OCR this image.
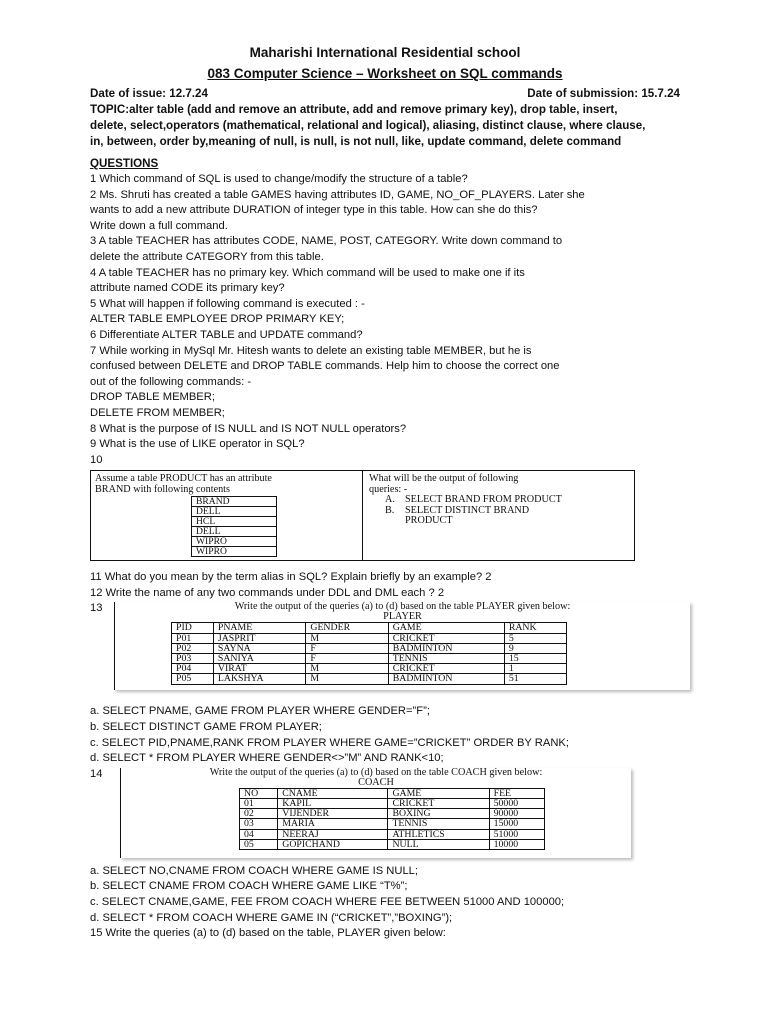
Maharishi International Residential school
083 Computer Science – Worksheet on SQL commands
Date of issue: 12.7.24	Date of submission: 15.7.24
TOPIC:alter table (add and remove an attribute, add and remove primary key), drop table, insert,
delete, select,operators (mathematical, relational and logical), aliasing, distinct clause, where clause,
in, between, order by,meaning of null, is null, is not null, like, update command, delete command
QUESTIONS
1 Which command of SQL is used to change/modify the structure of a table?
2 Ms. Shruti has created a table GAMES having attributes ID, GAME, NO_OF_PLAYERS. Later she
wants to add a new attribute DURATION of integer type in this table. How can she do this?
Write down a full command.
3 A table TEACHER has attributes CODE, NAME, POST, CATEGORY. Write down command to
delete the attribute CATEGORY from this table.
4 A table TEACHER has no primary key. Which command will be used to make one if its
attribute named CODE its primary key?
5 What will happen if following command is executed : -
ALTER TABLE EMPLOYEE DROP PRIMARY KEY;
6 Differentiate ALTER TABLE and UPDATE command?
7 While working in MySql Mr. Hitesh wants to delete an existing table MEMBER, but he is
confused between DELETE and DROP TABLE commands. Help him to choose the correct one
out of the following commands: -
DROP TABLE MEMBER;
DELETE FROM MEMBER;
8 What is the purpose of IS NULL and IS NOT NULL operators?
9 What is the use of LIKE operator in SQL?
10
Assume a table PRODUCT has an attribute
BRAND with following contents
BRAND
DELL
HCL
DELL
WIPRO
WIPRO
What will be the output of following
queries: -
A. SELECT BRAND FROM PRODUCT
B.	SELECT DISTINCT BRAND
PRODUCT
11 What do you mean by the term alias in SQL? Explain briefly by an example? 2
12 Write the name of any two commands under DDL and DML each ? 2
13	Write the output of the queries (a) to (d) based on the table PLAYER given below:
PLAYER
PID	PNAME	GENDER	GAME	RANK
P01	JASPRIT	M	CRICKET	5
P02	SAYNA	F	BADMINTON	9
P03	SANIYA	F	TENNIS	15
P04	VIRAT	M	CRICKET	1
P05	LAKSHYA	M	BADMINTON	51
a. SELECT PNAME, GAME FROM PLAYER WHERE GENDER=”F”;
b. SELECT DISTINCT GAME FROM PLAYER;
c. SELECT PID,PNAME,RANK FROM PLAYER WHERE GAME=”CRICKET” ORDER BY RANK;
d. SELECT * FROM PLAYER WHERE GENDER<>”M” AND RANK<10;
14	Write the output of the queries (a) to (d) based on the table COACH given below:
COACH
NO	CNAME	GAME	FEE
01	KAPIL	CRICKET	50000
02	VIJENDER	BOXING	90000
03	MARIA	TENNIS	15000
04	NEERAJ	ATHLETICS	51000
05	GOPICHAND	NULL	10000
a. SELECT NO,CNAME FROM COACH WHERE GAME IS NULL;
b. SELECT CNAME FROM COACH WHERE GAME LIKE “T%”;
c. SELECT CNAME,GAME, FEE FROM COACH WHERE FEE BETWEEN 51000 AND 100000;
d. SELECT * FROM COACH WHERE GAME IN (“CRICKET”,”BOXING”);
15 Write the queries (a) to (d) based on the table, PLAYER given below:
